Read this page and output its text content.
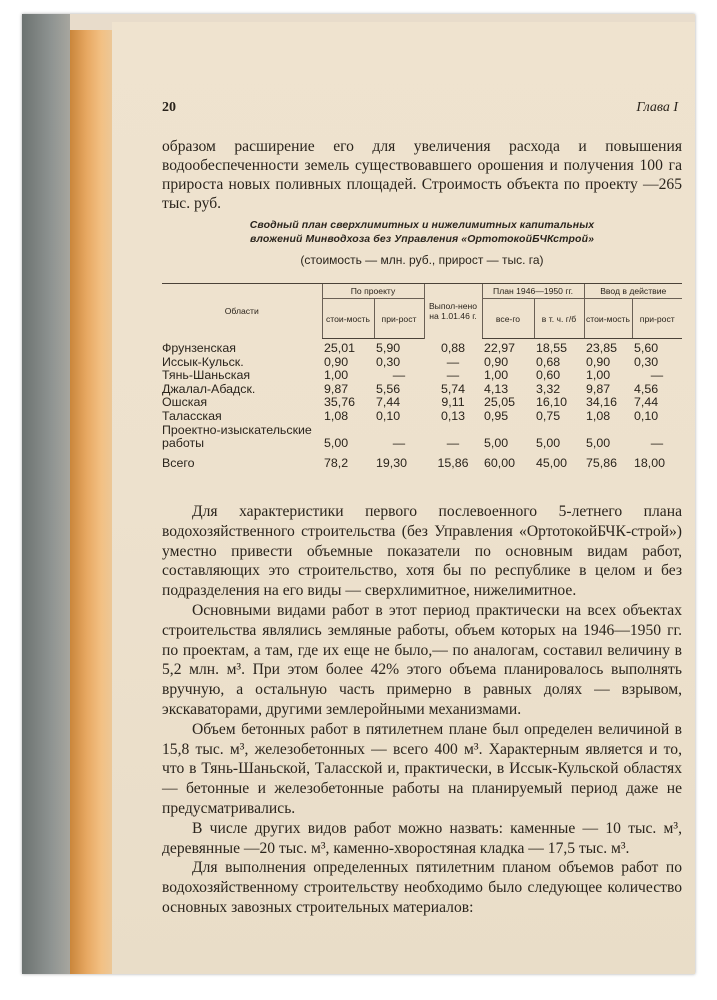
20	Глава I

образом расширение его для увеличения расхода и повышения водообеспеченности земель существовавшего орошения и получения 100 га прироста новых поливных площадей. Строимость объекта по проекту —265 тыс. руб.

Сводный план сверхлимитных и нижелимитных капитальных
вложений Минводхоза без Управления «ОртотокойБЧКстрой»
(стоимость — млн. руб., прирост — тыс. га)
Области	По проекту		Выпол-нено на 1.01.46 г.	План 1946—1950 гг.		Ввод в действие	
	стои-мость	при-рост		все-го	в т. ч. г/б	стои-мость	при-рост
Фрунзенская	25,01	5,90	0,88	22,97	18,55	23,85	5,60
Иссык-Кульск.	0,90	0,30	—	0,90	0,68	0,90	0,30
Тянь-Шаньская	1,00	—	—	1,00	0,60	1,00	—
Джалал-Абадск.	9,87	5,56	5,74	4,13	3,32	9,87	4,56
Ошская	35,76	7,44	9,11	25,05	16,10	34,16	7,44
Таласская	1,08	0,10	0,13	0,95	0,75	1,08	0,10
Проектно-изыскательские работы	5,00	—	—	5,00	5,00	5,00	—
Всего	78,2	19,30	15,86	60,00	45,00	75,86	18,00

Для характеристики первого послевоенного 5-летнего плана водохозяйственного строительства (без Управления «ОртотокойБЧК-строй») уместно привести объемные показатели по основным видам работ, составляющих это строительство, хотя бы по республике в целом и без подразделения на его виды — сверхлимитное, нижелимитное.

Основными видами работ в этот период практически на всех объектах строительства являлись земляные работы, объем которых на 1946—1950 гг. по проектам, а там, где их еще не было,— по аналогам, составил величину в 5,2 млн. м³. При этом более 42% этого объема планировалось выполнять вручную, а остальную часть примерно в равных долях — взрывом, экскаваторами, другими землеройными механизмами.

Объем бетонных работ в пятилетнем плане был определен величиной в 15,8 тыс. м³, железобетонных — всего 400 м³. Характерным является и то, что в Тянь-Шаньской, Таласской и, практически, в Иссык-Кульской областях — бетонные и железобетонные работы на планируемый период даже не предусматривались.

В числе других видов работ можно назвать: каменные — 10 тыс. м³, деревянные —20 тыс. м³, каменно-хворостяная кладка — 17,5 тыс. м³.

Для выполнения определенных пятилетним планом объемов работ по водохозяйственному строительству необходимо было следующее количество основных завозных строительных материалов:
